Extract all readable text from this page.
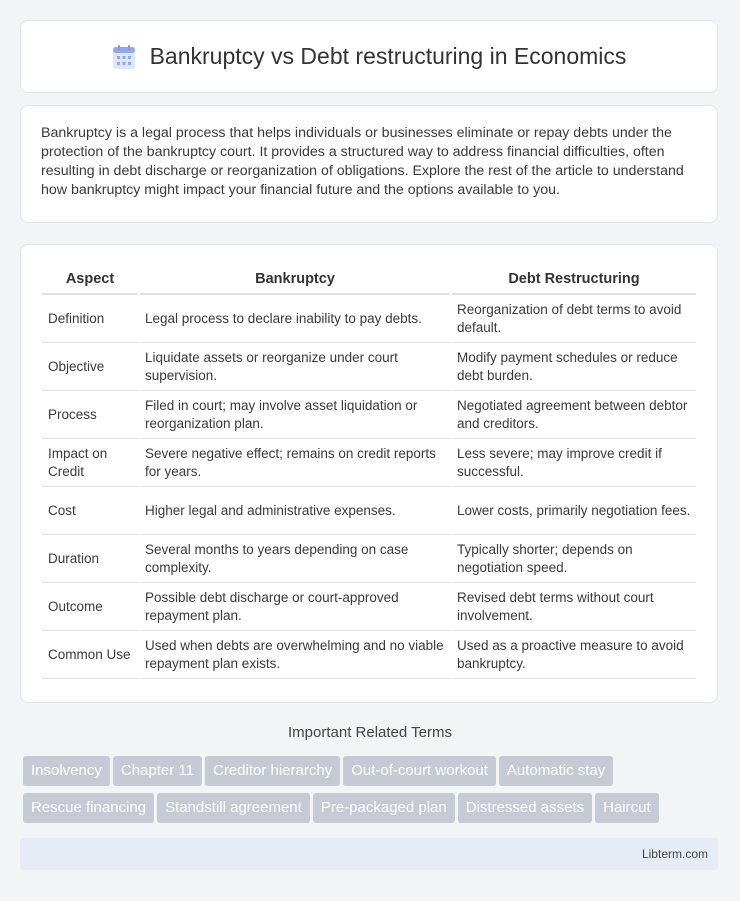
Bankruptcy vs Debt restructuring in Economics

Bankruptcy is a legal process that helps individuals or businesses eliminate or repay debts under the protection of the bankruptcy court. It provides a structured way to address financial difficulties, often resulting in debt discharge or reorganization of obligations. Explore the rest of the article to understand how bankruptcy might impact your financial future and the options available to you.

Aspect	Bankruptcy	Debt Restructuring
Definition	Legal process to declare inability to pay debts.	Reorganization of debt terms to avoid default.
Objective	Liquidate assets or reorganize under court supervision.	Modify payment schedules or reduce debt burden.
Process	Filed in court; may involve asset liquidation or reorganization plan.	Negotiated agreement between debtor and creditors.
Impact on Credit	Severe negative effect; remains on credit reports for years.	Less severe; may improve credit if successful.
Cost	Higher legal and administrative expenses.	Lower costs, primarily negotiation fees.
Duration	Several months to years depending on case complexity.	Typically shorter; depends on negotiation speed.
Outcome	Possible debt discharge or court-approved repayment plan.	Revised debt terms without court involvement.
Common Use	Used when debts are overwhelming and no viable repayment plan exists.	Used as a proactive measure to avoid bankruptcy.
Important Related Terms
Insolvency Chapter 11 Creditor hierarchy Out-of-court workout Automatic stayRescue financing Standstill agreement Pre-packaged plan Distressed assets Haircut
Libterm.com
